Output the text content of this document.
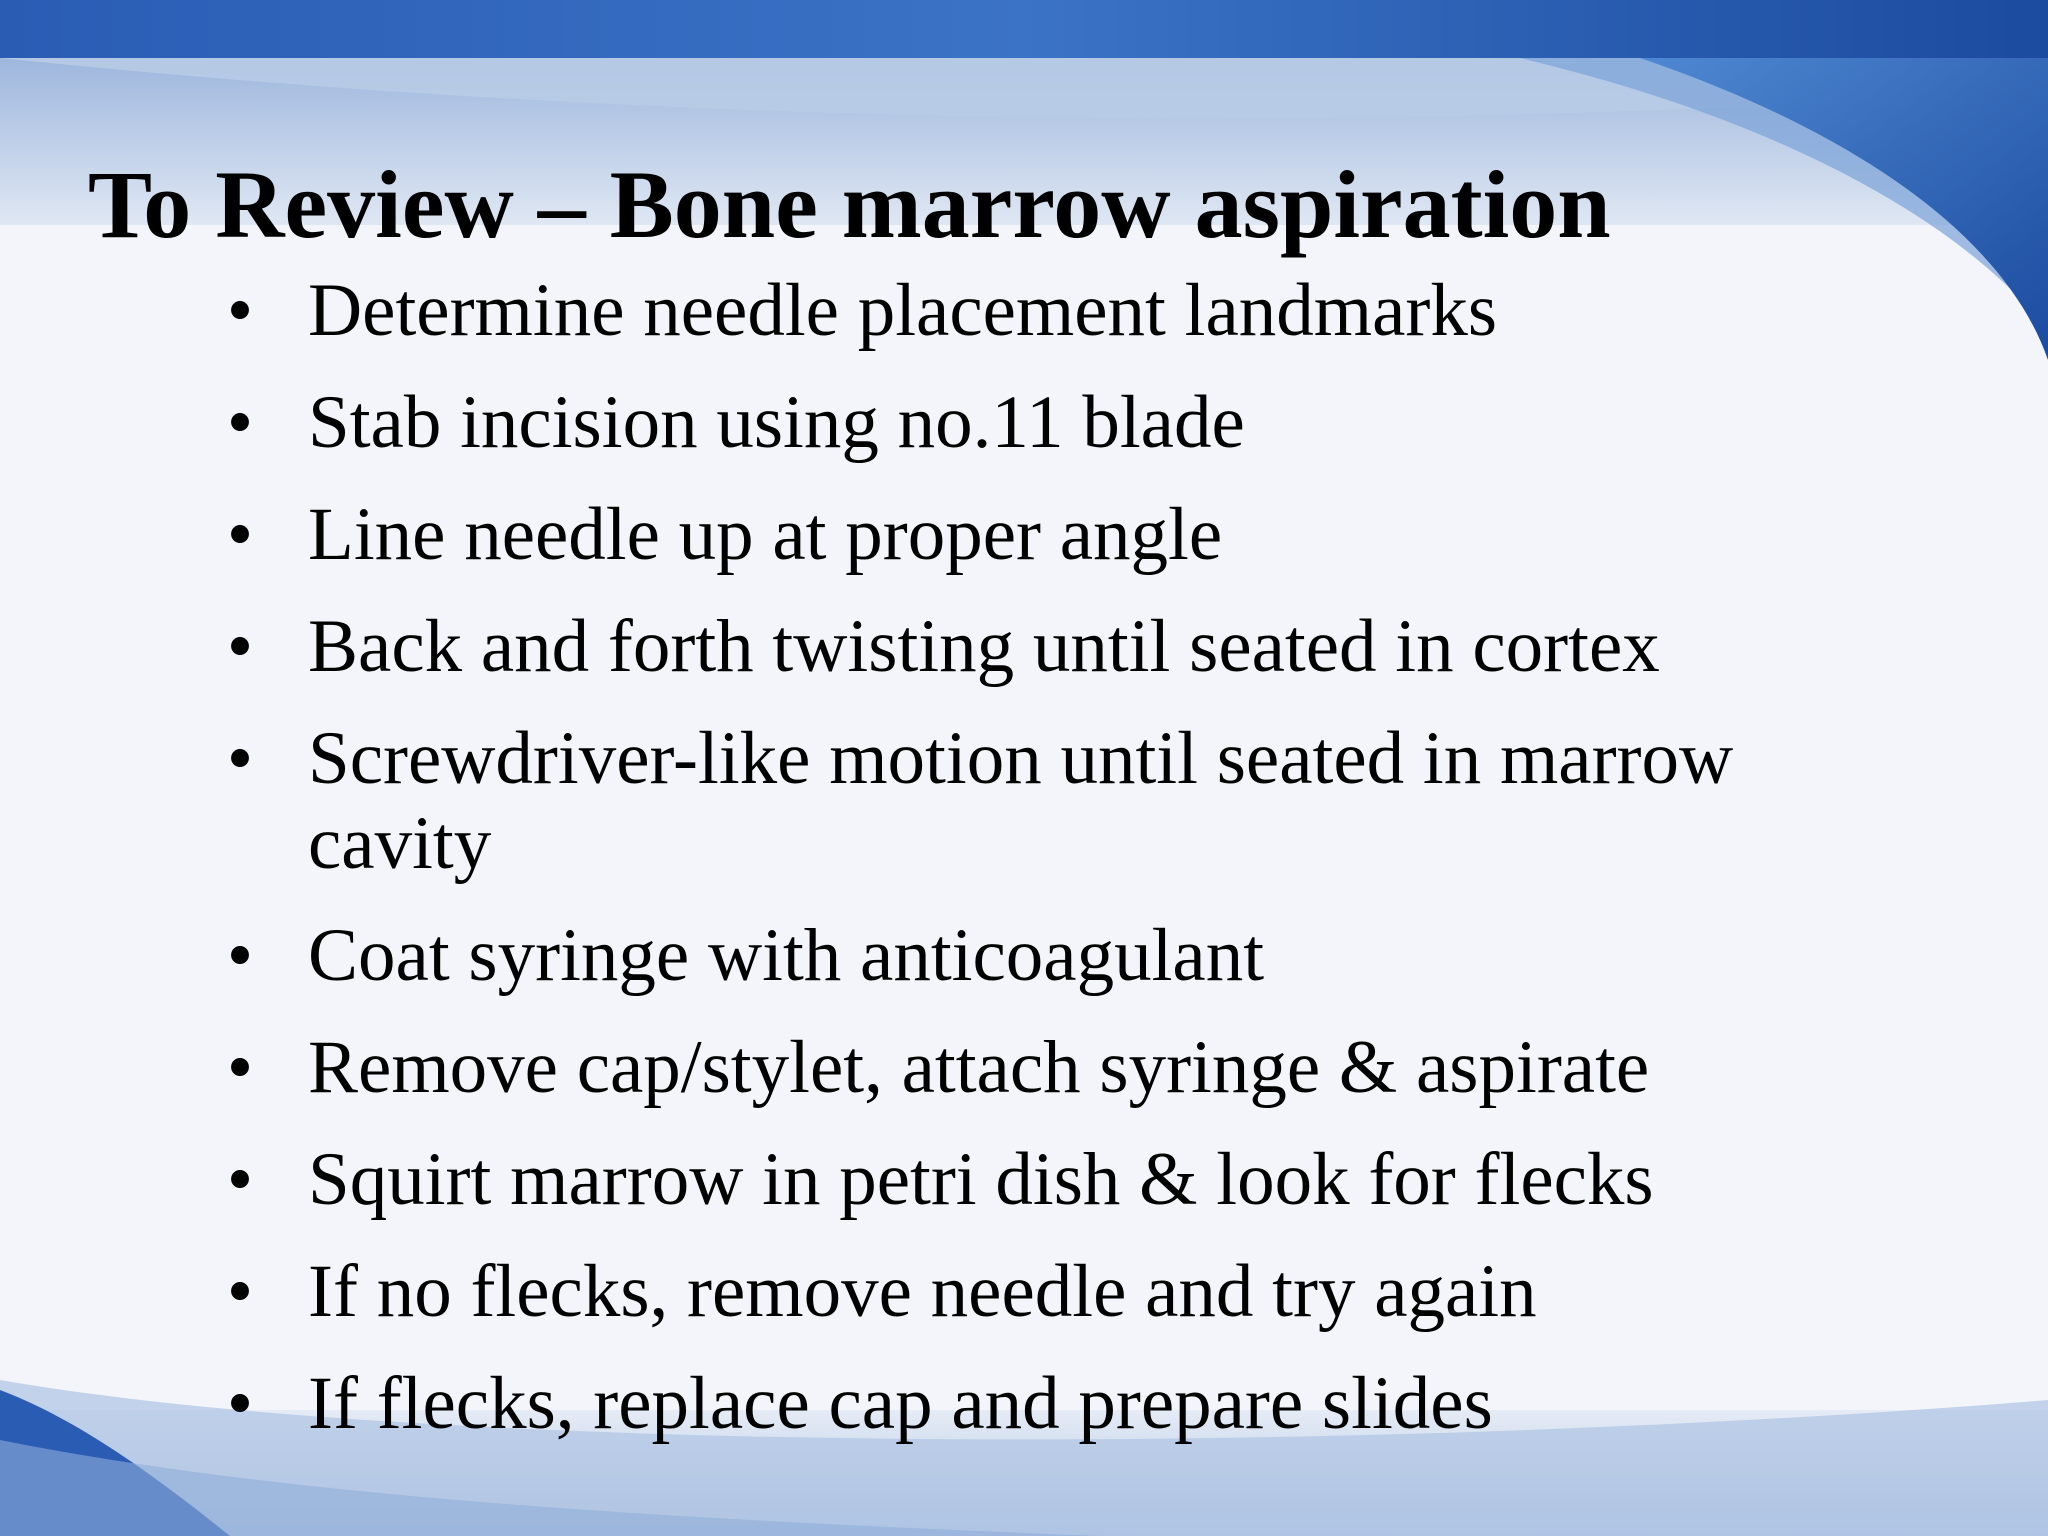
To Review – Bone marrow aspiration
• Determine needle placement landmarks
• Stab incision using no.11 blade
• Line needle up at proper angle
• Back and forth twisting until seated in cortex
• Screwdriver-like motion until seated in marrow cavity
• Coat syringe with anticoagulant
• Remove cap/stylet, attach syringe & aspirate
• Squirt marrow in petri dish & look for flecks
• If no flecks, remove needle and try again
• If flecks, replace cap and prepare slides
